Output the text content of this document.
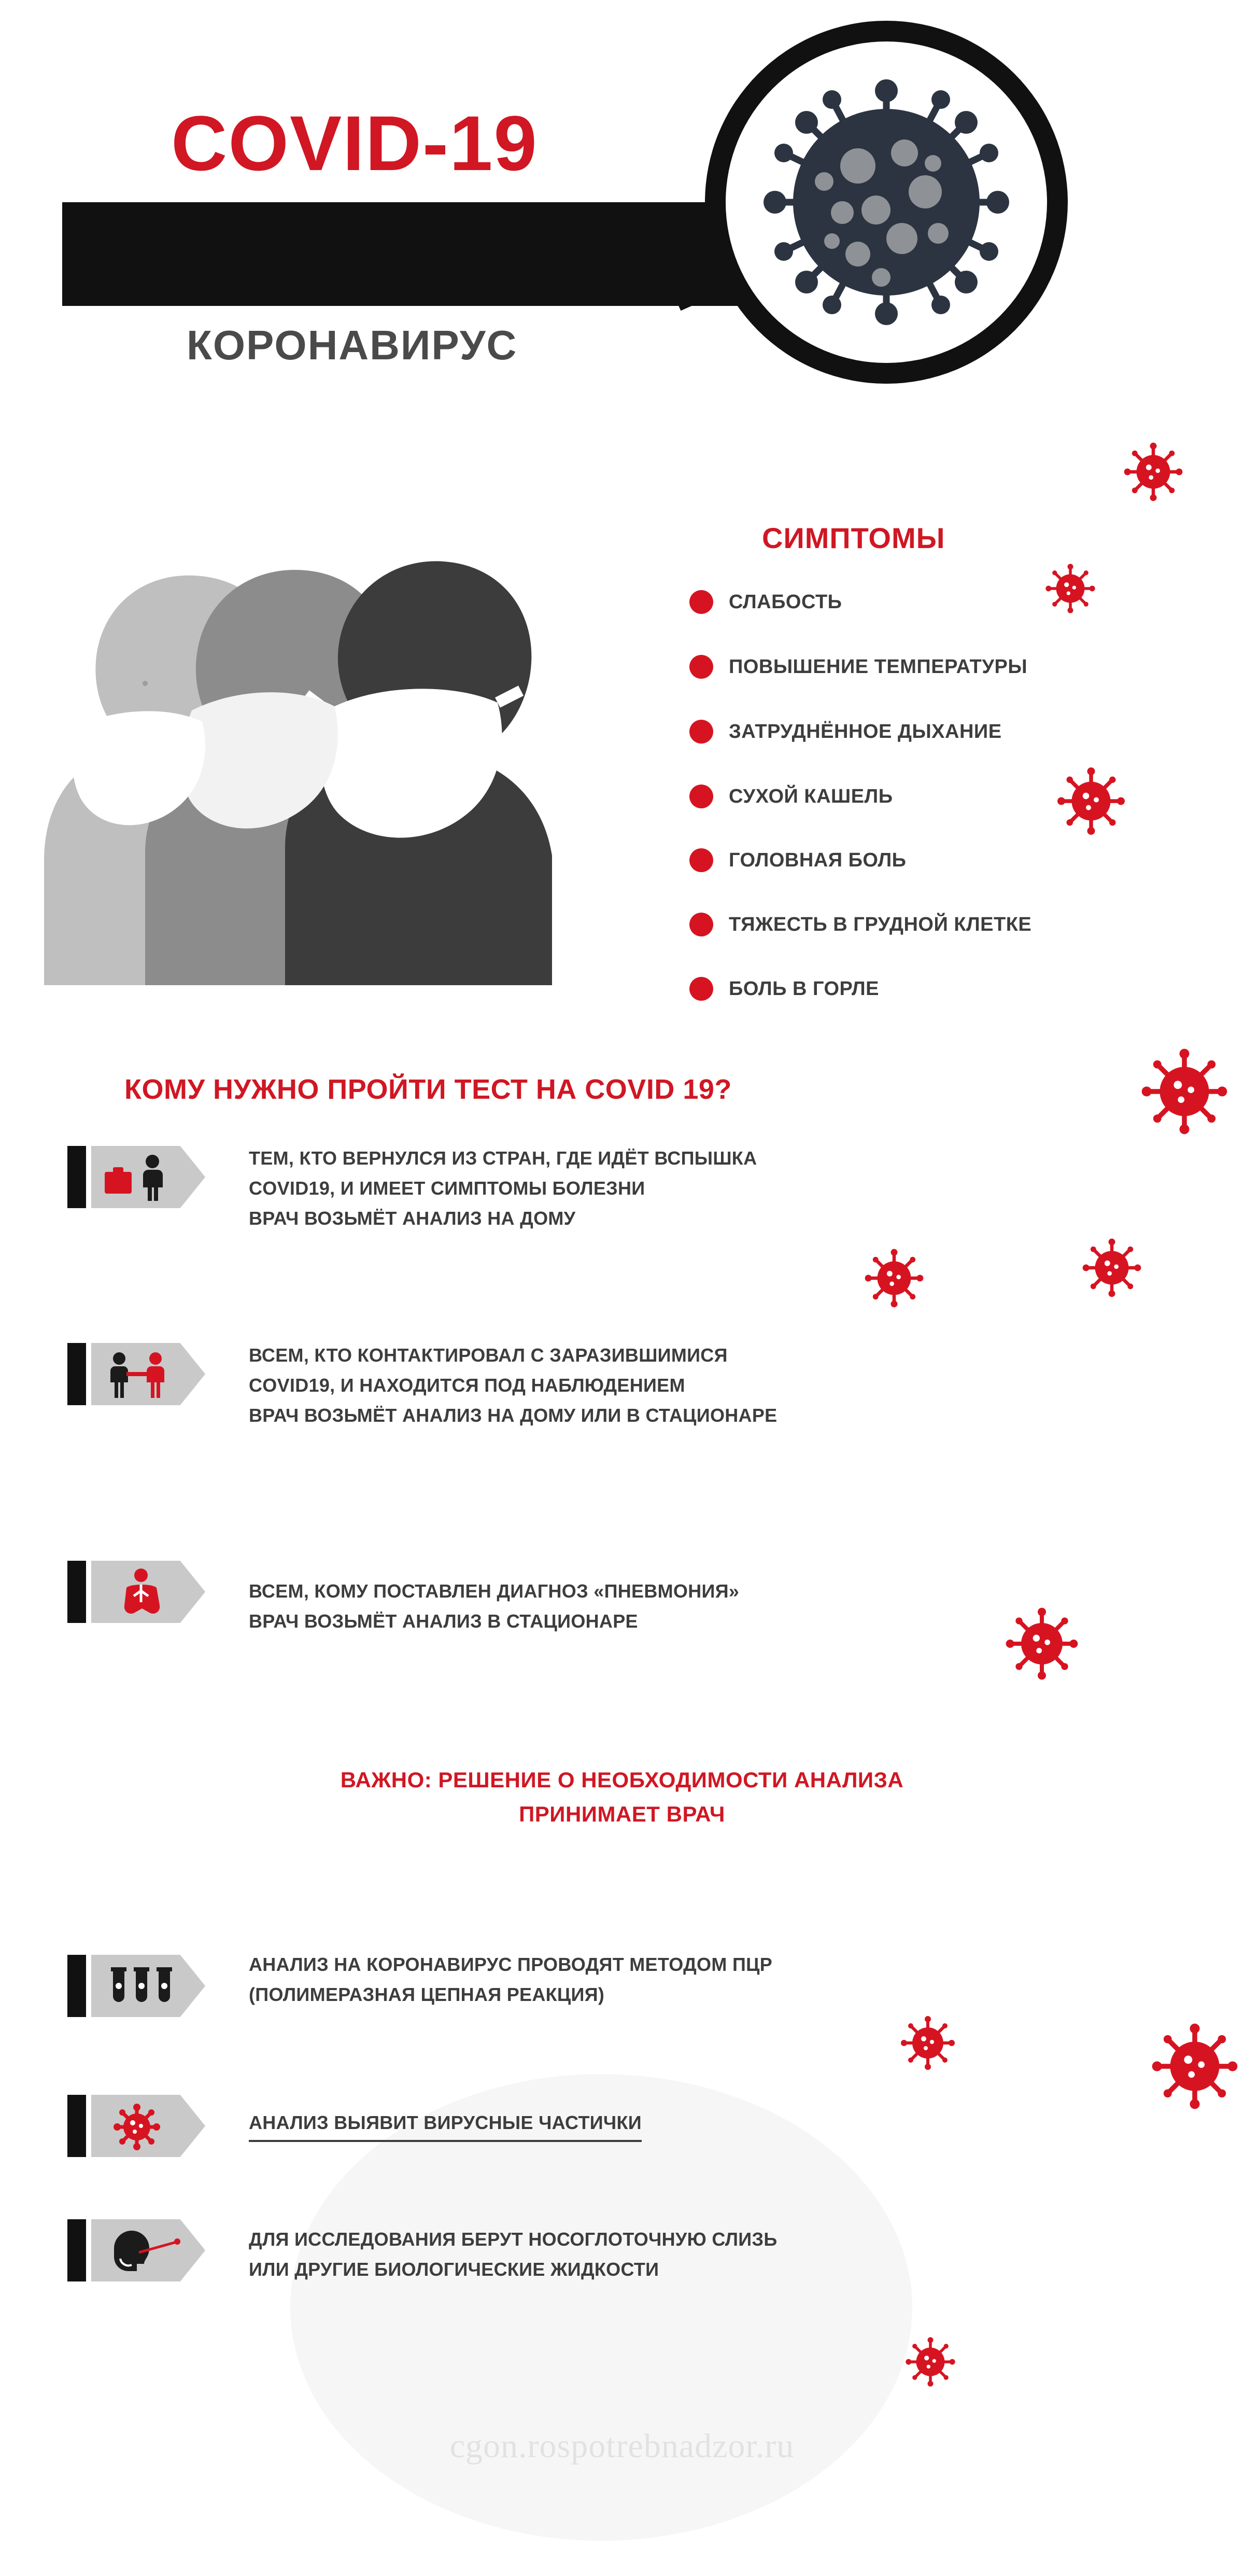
COVID-19
КОРОНАВИРУС
СИМПТОМЫ
СЛАБОСТЬ
ПОВЫШЕНИЕ ТЕМПЕРАТУРЫ
ЗАТРУДНЁННОЕ ДЫХАНИЕ
СУХОЙ КАШЕЛЬ
ГОЛОВНАЯ БОЛЬ
ТЯЖЕСТЬ В ГРУДНОЙ КЛЕТКЕ
БОЛЬ В ГОРЛЕ
КОМУ НУЖНО ПРОЙТИ ТЕСТ НА COVID 19?
ТЕМ, КТО ВЕРНУЛСЯ ИЗ СТРАН, ГДЕ ИДЁТ ВСПЫШКА
COVID19, И ИМЕЕТ СИМПТОМЫ БОЛЕЗНИ
ВРАЧ ВОЗЬМЁТ АНАЛИЗ НА ДОМУ
ВСЕМ, КТО КОНТАКТИРОВАЛ С ЗАРАЗИВШИМИСЯ
COVID19, И НАХОДИТСЯ ПОД НАБЛЮДЕНИЕМ
ВРАЧ ВОЗЬМЁТ АНАЛИЗ НА ДОМУ ИЛИ В СТАЦИОНАРЕ
ВСЕМ, КОМУ ПОСТАВЛЕН ДИАГНОЗ «ПНЕВМОНИЯ»
ВРАЧ ВОЗЬМЁТ АНАЛИЗ В СТАЦИОНАРЕ
ВАЖНО: РЕШЕНИЕ О НЕОБХОДИМОСТИ АНАЛИЗА
ПРИНИМАЕТ ВРАЧ
АНАЛИЗ НА КОРОНАВИРУС ПРОВОДЯТ МЕТОДОМ ПЦР
(ПОЛИМЕРАЗНАЯ ЦЕПНАЯ РЕАКЦИЯ)
АНАЛИЗ ВЫЯВИТ ВИРУСНЫЕ ЧАСТИЧКИ
ДЛЯ ИССЛЕДОВАНИЯ БЕРУТ НОСОГЛОТОЧНУЮ СЛИЗЬ
ИЛИ ДРУГИЕ БИОЛОГИЧЕСКИЕ ЖИДКОСТИ
cgon.rospotrebnadzor.ru
